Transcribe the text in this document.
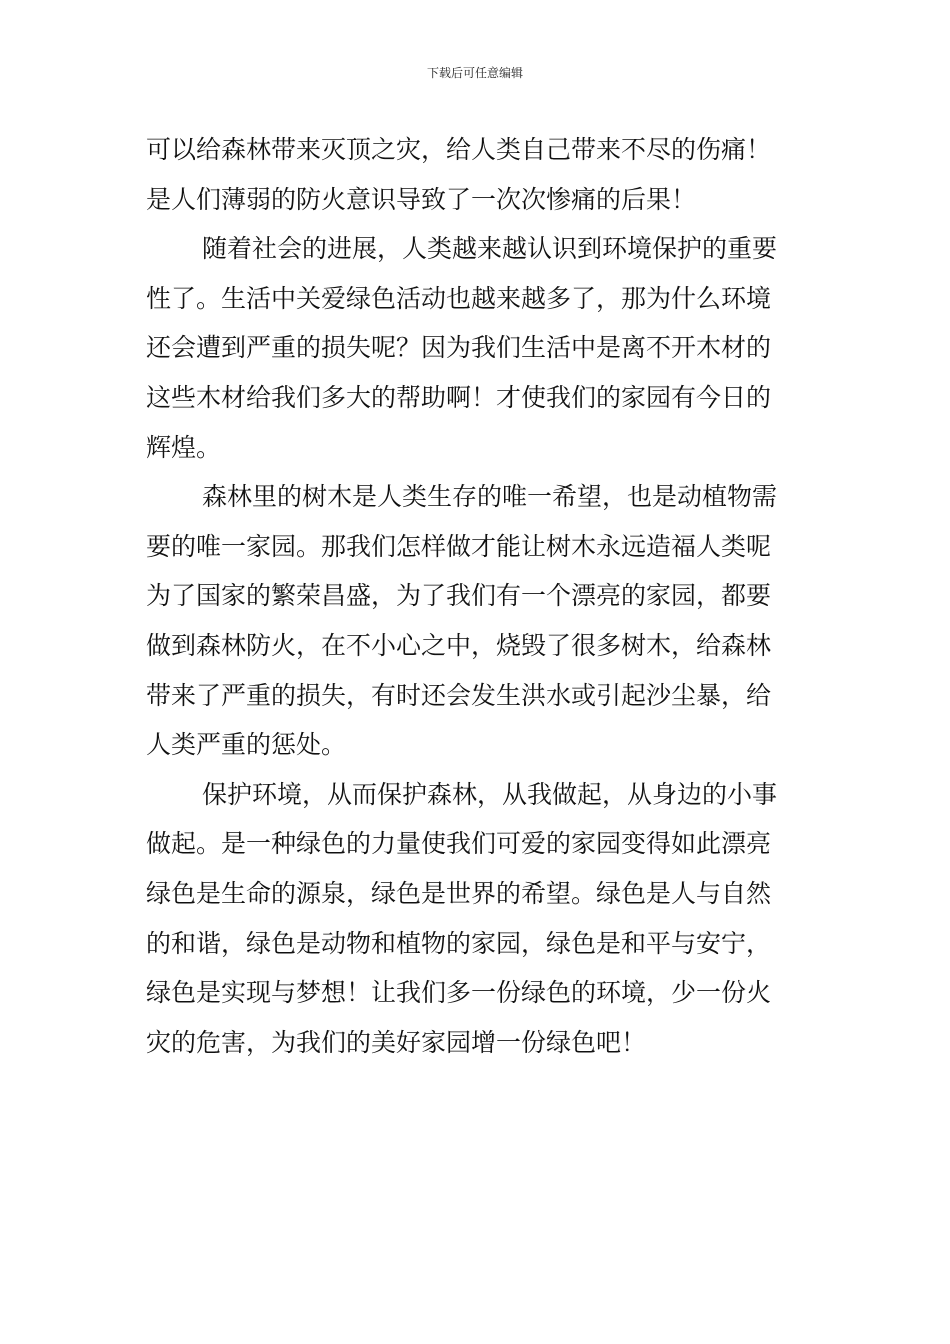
下载后可任意编辑
可以给森林带来灭顶之灾，给人类自己带来不尽的伤痛！
是人们薄弱的防火意识导致了一次次惨痛的后果！
随着社会的进展，人类越来越认识到环境保护的重要
性了。生活中关爱绿色活动也越来越多了，那为什么环境
还会遭到严重的损失呢？因为我们生活中是离不开木材的
这些木材给我们多大的帮助啊！才使我们的家园有今日的
辉煌。
森林里的树木是人类生存的唯一希望，也是动植物需
要的唯一家园。那我们怎样做才能让树木永远造福人类呢
为了国家的繁荣昌盛，为了我们有一个漂亮的家园，都要
做到森林防火，在不小心之中，烧毁了很多树木，给森林
带来了严重的损失，有时还会发生洪水或引起沙尘暴，给
人类严重的惩处。
保护环境，从而保护森林，从我做起，从身边的小事
做起。是一种绿色的力量使我们可爱的家园变得如此漂亮
绿色是生命的源泉，绿色是世界的希望。绿色是人与自然
的和谐，绿色是动物和植物的家园，绿色是和平与安宁，
绿色是实现与梦想！让我们多一份绿色的环境，少一份火
灾的危害，为我们的美好家园增一份绿色吧！
